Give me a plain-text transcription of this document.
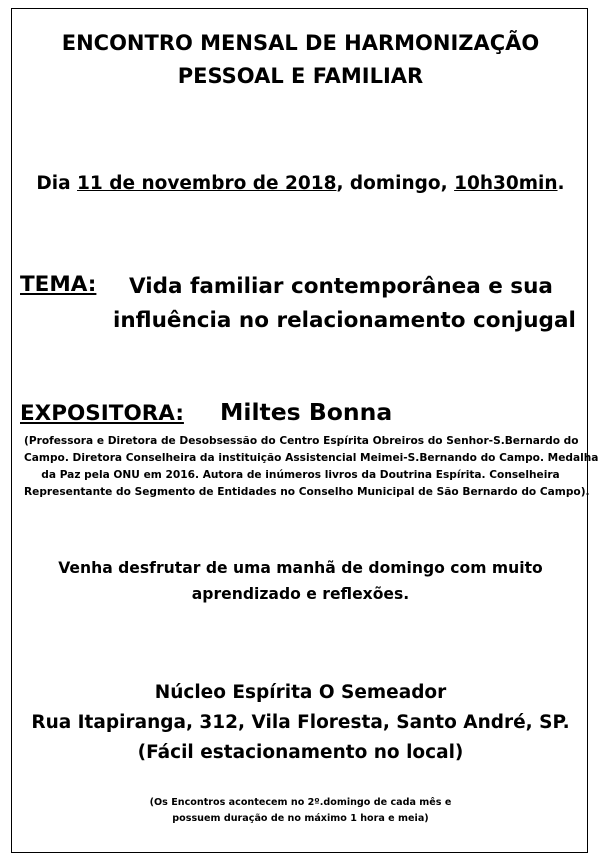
ENCONTRO MENSAL DE HARMONIZAÇÃO
PESSOAL E FAMILIAR
Dia 11 de novembro de 2018, domingo, 10h30min.
TEMA:	Vida familiar contemporânea e sua
influência no relacionamento conjugal
EXPOSITORA: Miltes Bonna
(Professora e Diretora de Desobsessão do Centro Espírita Obreiros do Senhor-S.Bernardo do
Campo. Diretora Conselheira da instituição Assistencial Meimei-S.Bernando do Campo. Medalha
da Paz pela ONU em 2016. Autora de inúmeros livros da Doutrina Espírita. Conselheira
Representante do Segmento de Entidades no Conselho Municipal de São Bernardo do Campo).
Venha desfrutar de uma manhã de domingo com muito
aprendizado e reflexões.
Núcleo Espírita O Semeador
Rua Itapiranga, 312, Vila Floresta, Santo André, SP.
(Fácil estacionamento no local)
(Os Encontros acontecem no 2º.domingo de cada mês e
possuem duração de no máximo 1 hora e meia)
